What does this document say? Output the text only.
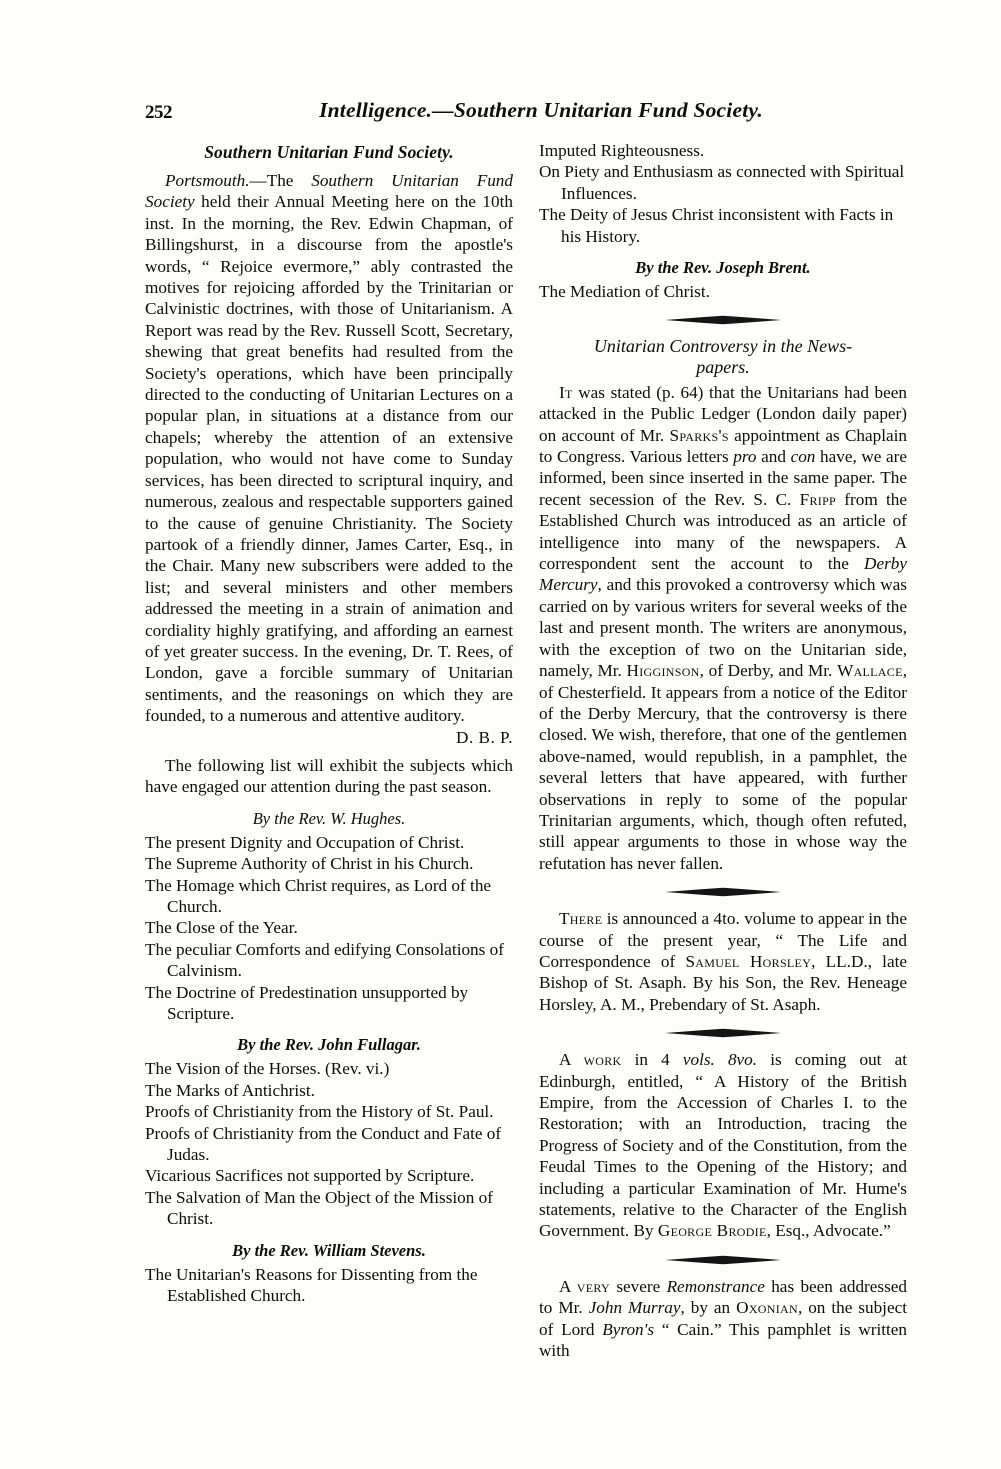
252	Intelligence.—Southern Unitarian Fund Society.
Southern Unitarian Fund Society.

Portsmouth.—The Southern Unitarian Fund Society held their Annual Meeting here on the 10th inst. In the morning, the Rev. Edwin Chapman, of Billingshurst, in a discourse from the apostle's words, “ Rejoice evermore,” ably contrasted the motives for rejoicing afforded by the Trinitarian or Calvinistic doctrines, with those of Unitarianism. A Report was read by the Rev. Russell Scott, Secretary, shewing that great benefits had resulted from the Society's operations, which have been principally directed to the conducting of Unitarian Lectures on a popular plan, in situations at a distance from our chapels; whereby the attention of an extensive population, who would not have come to Sunday services, has been directed to scriptural inquiry, and numerous, zealous and respectable supporters gained to the cause of genuine Christianity. The Society partook of a friendly dinner, James Carter, Esq., in the Chair. Many new subscribers were added to the list; and several ministers and other members addressed the meeting in a strain of animation and cordiality highly gratifying, and affording an earnest of yet greater success. In the evening, Dr. T. Rees, of London, gave a forcible summary of Unitarian sentiments, and the reasonings on which they are founded, to a numerous and attentive auditory.
D. B. P.

The following list will exhibit the subjects which have engaged our attention during the past season.

By the Rev. W. Hughes.
The present Dignity and Occupation of Christ.
The Supreme Authority of Christ in his Church.
The Homage which Christ requires, as Lord of the Church.
The Close of the Year.
The peculiar Comforts and edifying Consolations of Calvinism.
The Doctrine of Predestination unsupported by Scripture.
By the Rev. John Fullagar.
The Vision of the Horses. (Rev. vi.)
The Marks of Antichrist.
Proofs of Christianity from the History of St. Paul.
Proofs of Christianity from the Conduct and Fate of Judas.
Vicarious Sacrifices not supported by Scripture.
The Salvation of Man the Object of the Mission of Christ.
By the Rev. William Stevens.
The Unitarian's Reasons for Dissenting from the Established Church.
Imputed Righteousness.
On Piety and Enthusiasm as connected with Spiritual Influences.
The Deity of Jesus Christ inconsistent with Facts in his History.
By the Rev. Joseph Brent.
The Mediation of Christ.
Unitarian Controversy in the News-
papers.

It was stated (p. 64) that the Unitarians had been attacked in the Public Ledger (London daily paper) on account of Mr. Sparks's appointment as Chaplain to Congress. Various letters pro and con have, we are informed, been since inserted in the same paper. The recent secession of the Rev. S. C. Fripp from the Established Church was introduced as an article of intelligence into many of the newspapers. A correspondent sent the account to the Derby Mercury, and this provoked a controversy which was carried on by various writers for several weeks of the last and present month. The writers are anonymous, with the exception of two on the Unitarian side, namely, Mr. Higginson, of Derby, and Mr. Wallace, of Chesterfield. It appears from a notice of the Editor of the Derby Mercury, that the controversy is there closed. We wish, therefore, that one of the gentlemen above-named, would republish, in a pamphlet, the several letters that have appeared, with further observations in reply to some of the popular Trinitarian arguments, which, though often refuted, still appear arguments to those in whose way the refutation has never fallen.

There is announced a 4to. volume to appear in the course of the present year, “ The Life and Correspondence of Samuel Horsley, LL.D., late Bishop of St. Asaph. By his Son, the Rev. Heneage Horsley, A. M., Prebendary of St. Asaph.

A work in 4 vols. 8vo. is coming out at Edinburgh, entitled, “ A History of the British Empire, from the Accession of Charles I. to the Restoration; with an Introduction, tracing the Progress of Society and of the Constitution, from the Feudal Times to the Opening of the History; and including a particular Examination of Mr. Hume's statements, relative to the Character of the English Government. By George Brodie, Esq., Advocate.”

A very severe Remonstrance has been addressed to Mr. John Murray, by an Oxonian, on the subject of Lord Byron's “ Cain.” This pamphlet is written with
